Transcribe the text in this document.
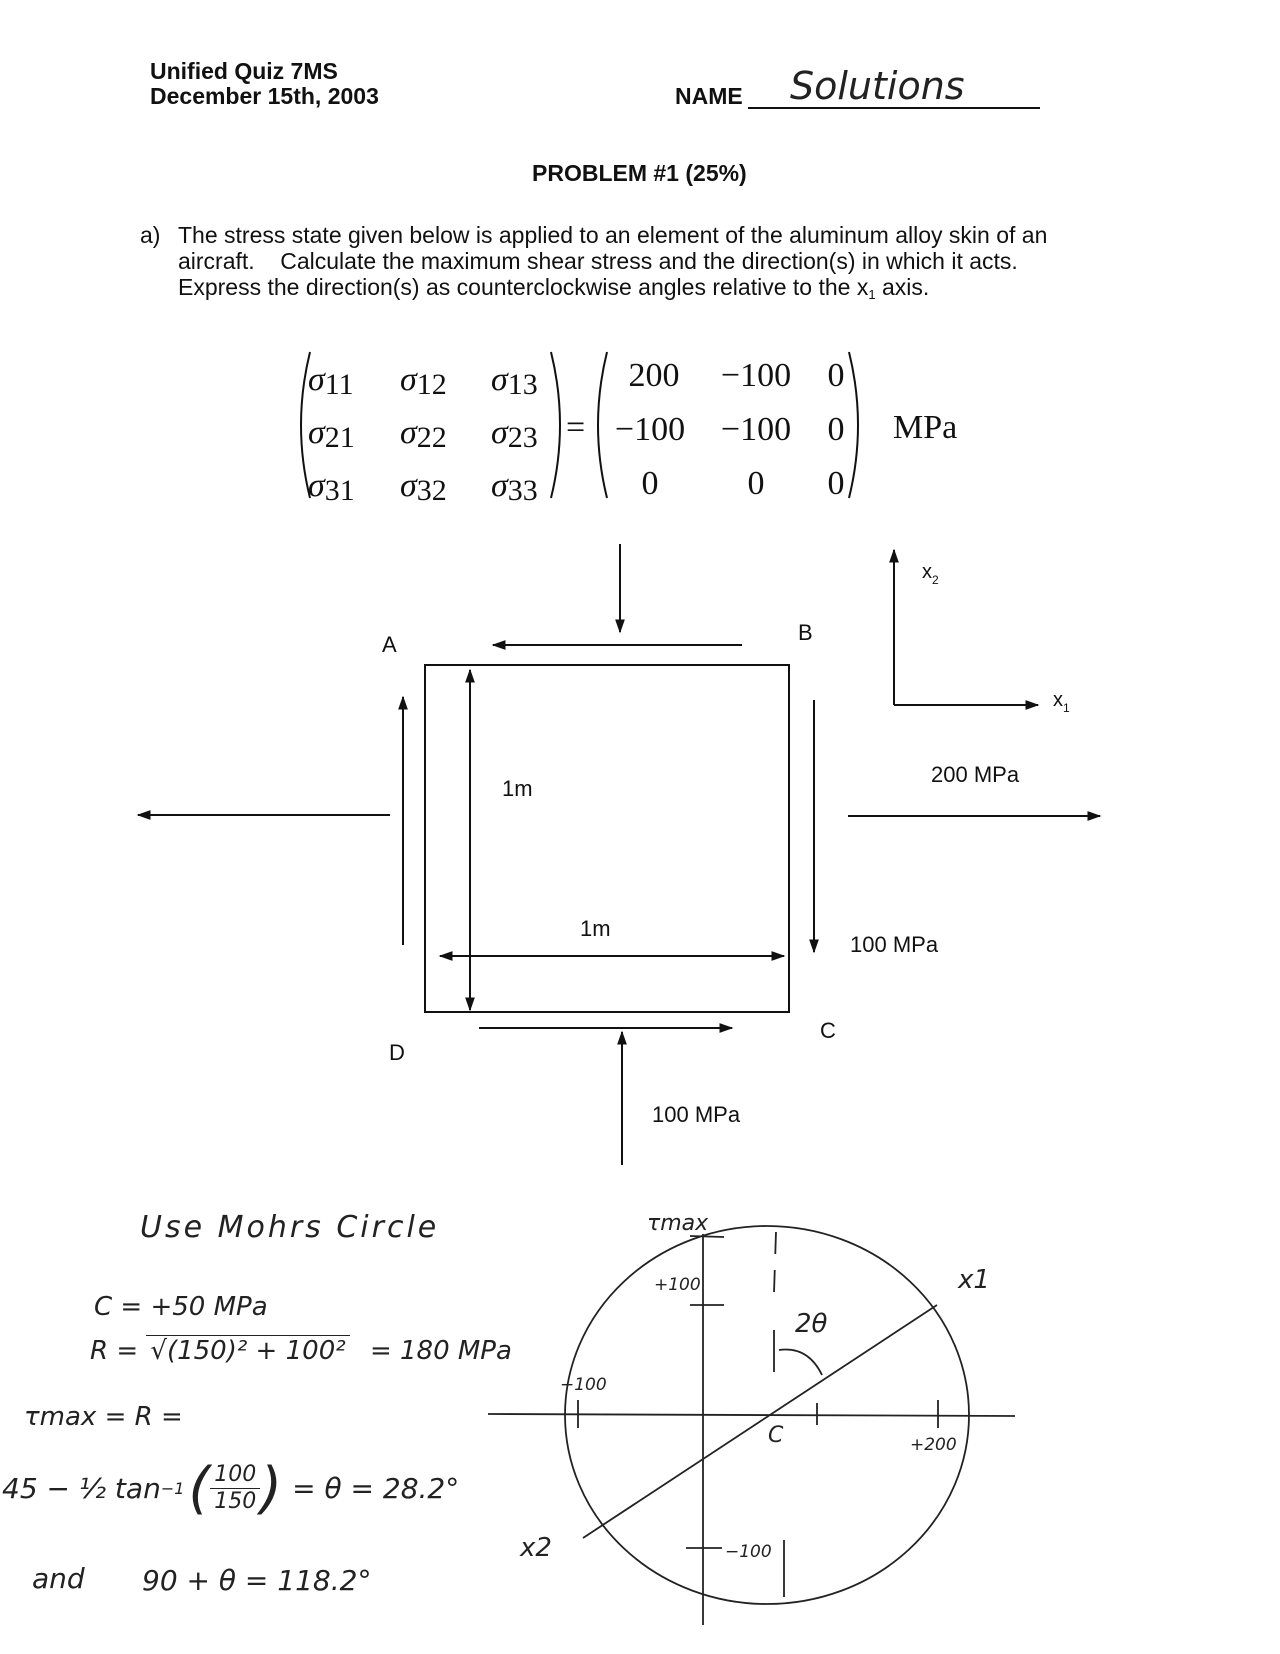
Unified Quiz 7MS
December 15th, 2003	NAME Solutions
PROBLEM #1 (25%)
a) The stress state given below is applied to an element of the aluminum alloy skin of an
aircraft.    Calculate the maximum shear stress and the direction(s) in which it acts.
Express the direction(s) as counterclockwise angles relative to the $x_1$ axis.
σ11 σ12 σ13
σ21 σ22 σ23
σ31 σ32 σ33
=
200 −100 0
−100 −100 0
0	0 0
MPa
A	B
C
D
1m
1m
200 MPa
100 MPa
100 MPa
$x_1$
$x_2$
τmax
+100
−100
−100
+200
2θ
x1
x2
C
Use Mohrs Circle
C = +50 MPa
R = √(150)² + 100² = 180 MPa
τmax = R =
45 − ½ tan −1 ( $\frac{100}{150}$ ) = θ = 28.2°
and 90 + θ = 118.2°
